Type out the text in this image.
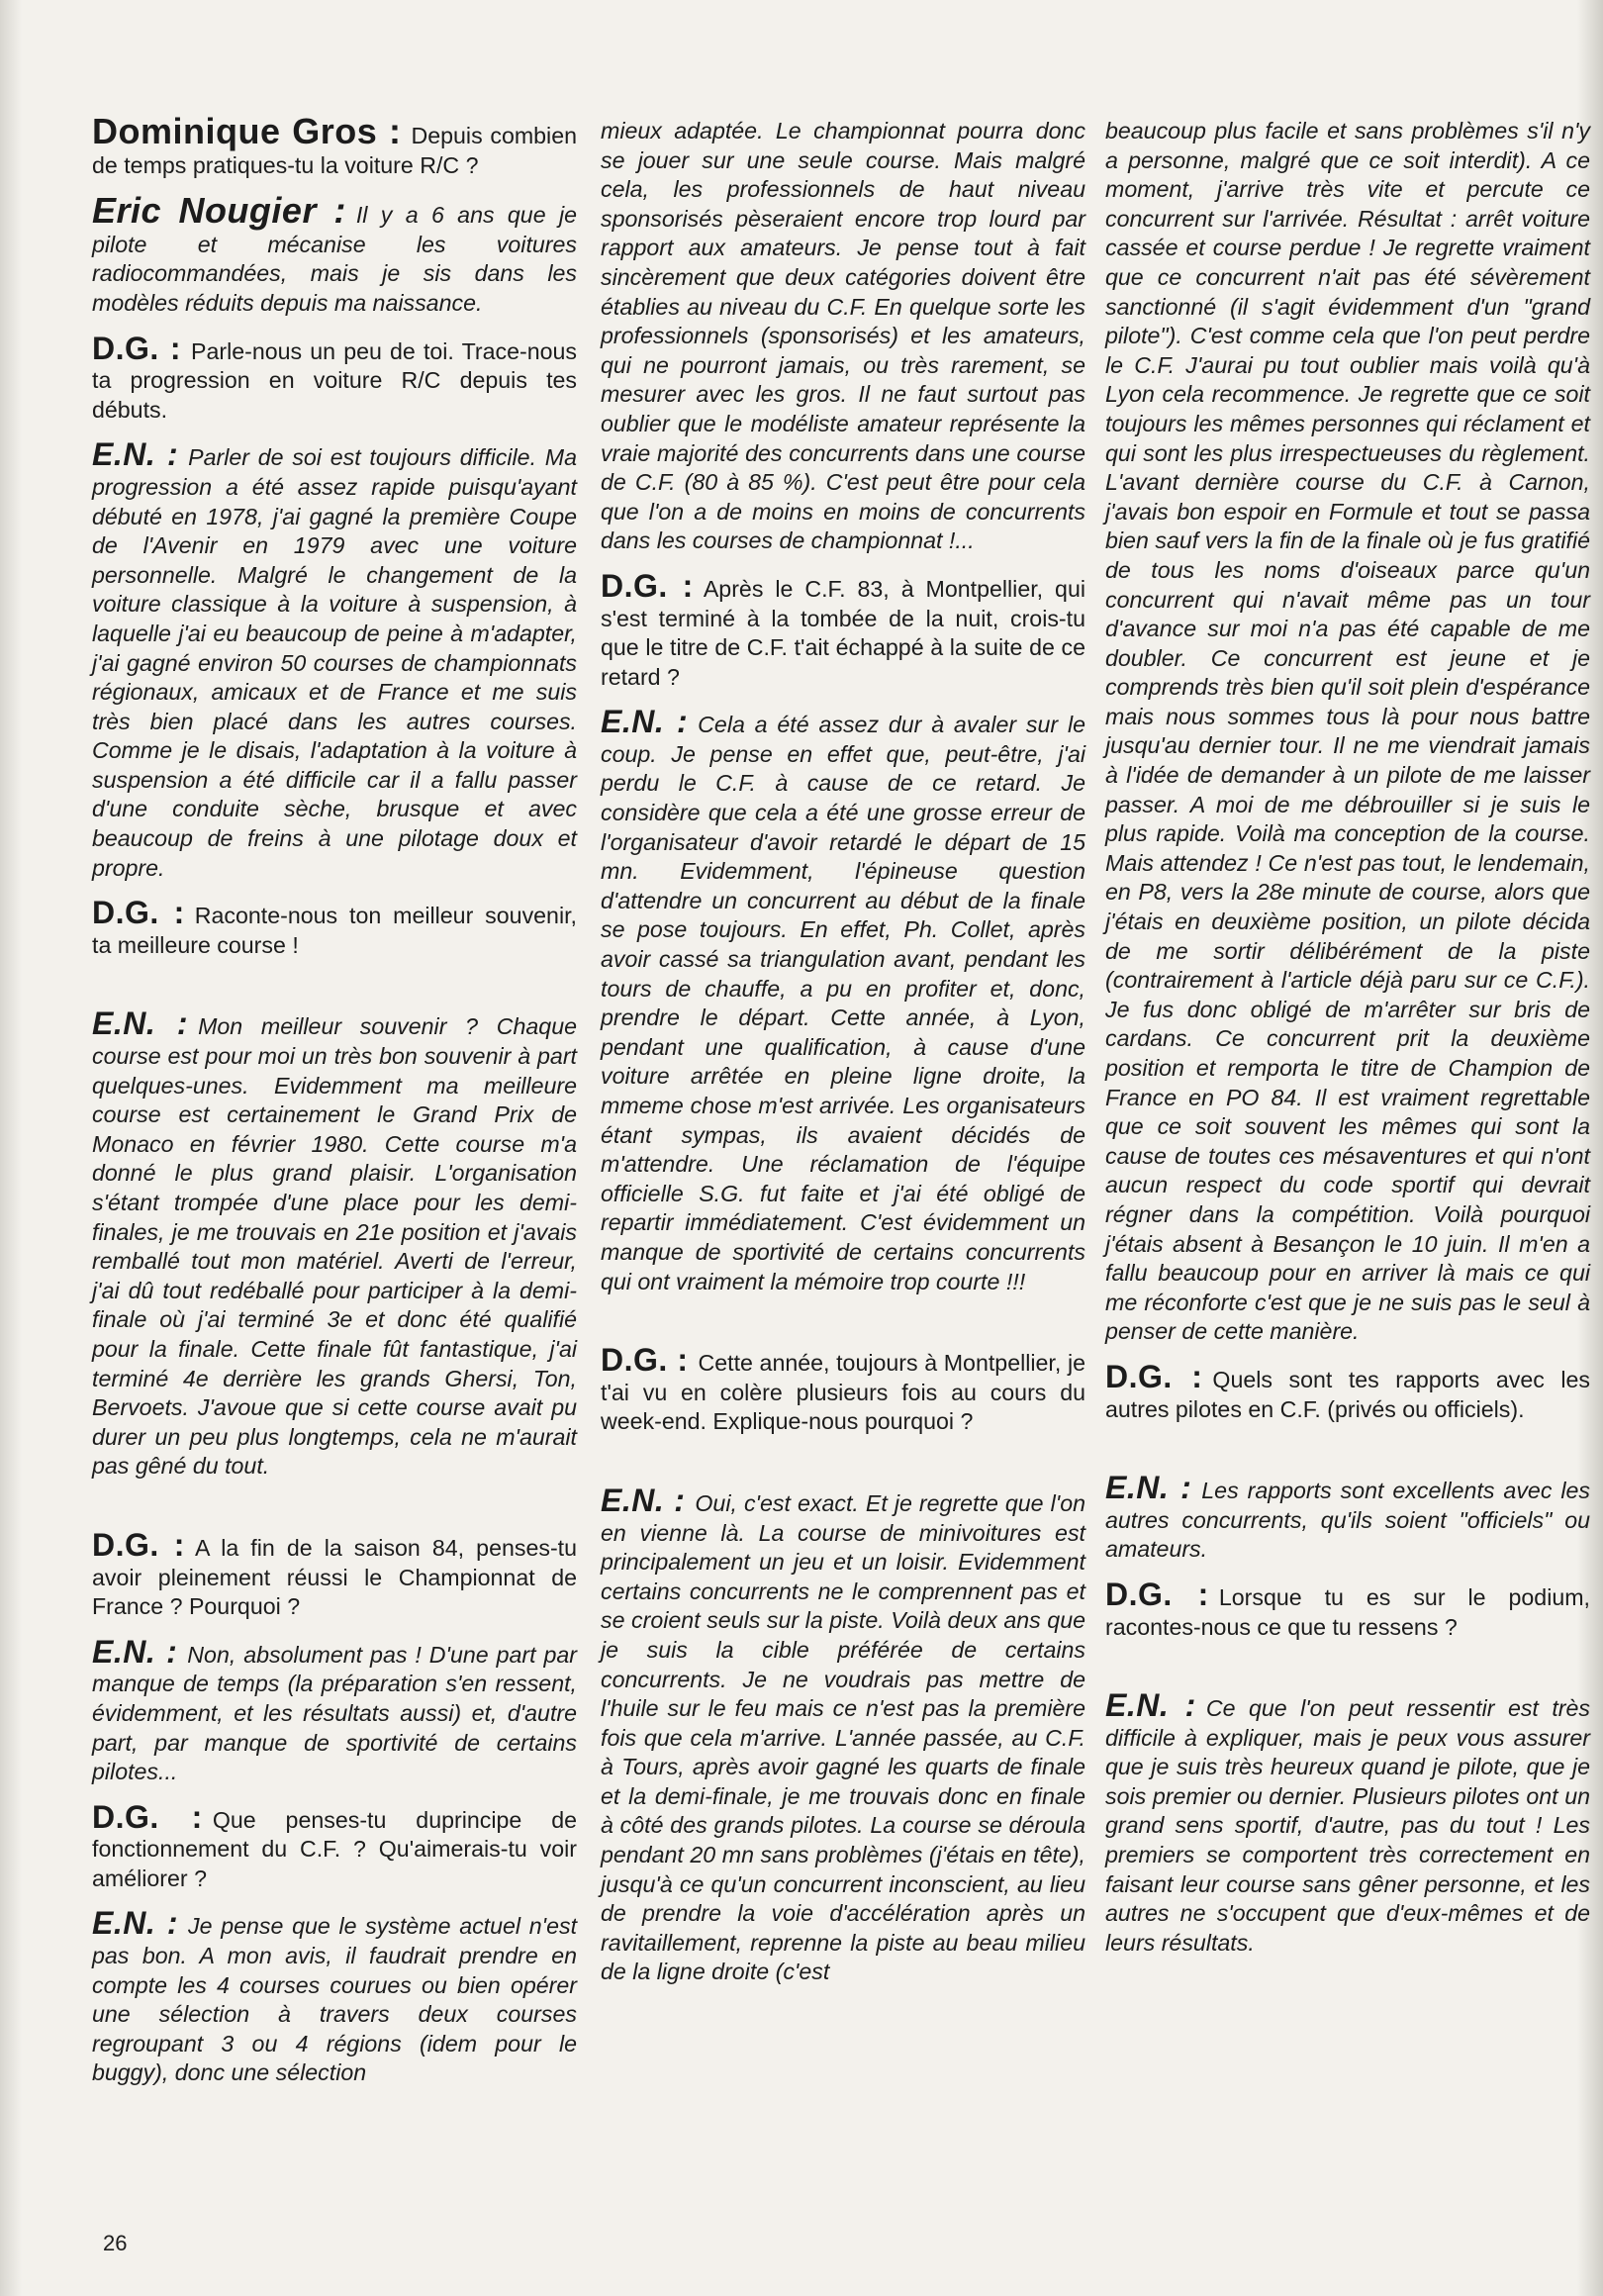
Dominique Gros : Depuis combien de temps pratiques-tu la voiture R/C ?

Eric Nougier : Il y a 6 ans que je pilote et mécanise les voitures radiocommandées, mais je sis dans les modèles réduits depuis ma naissance.

D.G. : Parle-nous un peu de toi. Trace-nous ta progression en voiture R/C depuis tes débuts.

E.N. : Parler de soi est toujours difficile. Ma progression a été assez rapide puisqu'ayant débuté en 1978, j'ai gagné la première Coupe de l'Avenir en 1979 avec une voiture personnelle. Malgré le changement de la voiture classique à la voiture à suspension, à laquelle j'ai eu beaucoup de peine à m'adapter, j'ai gagné environ 50 courses de championnats régionaux, amicaux et de France et me suis très bien placé dans les autres courses. Comme je le disais, l'adaptation à la voiture à suspension a été difficile car il a fallu passer d'une conduite sèche, brusque et avec beaucoup de freins à une pilotage doux et propre.

D.G. : Raconte-nous ton meilleur souvenir, ta meilleure course !

E.N. : Mon meilleur souvenir ? Chaque course est pour moi un très bon souvenir à part quelques-unes. Evidemment ma meilleure course est certainement le Grand Prix de Monaco en février 1980. Cette course m'a donné le plus grand plaisir. L'organisation s'étant trompée d'une place pour les demi-finales, je me trouvais en 21e position et j'avais remballé tout mon matériel. Averti de l'erreur, j'ai dû tout redéballé pour participer à la demi-finale où j'ai terminé 3e et donc été qualifié pour la finale. Cette finale fût fantastique, j'ai terminé 4e derrière les grands Ghersi, Ton, Bervoets. J'avoue que si cette course avait pu durer un peu plus longtemps, cela ne m'aurait pas gêné du tout.

D.G. : A la fin de la saison 84, penses-tu avoir pleinement réussi le Championnat de France ? Pourquoi ?

E.N. : Non, absolument pas ! D'une part par manque de temps (la préparation s'en ressent, évidemment, et les résultats aussi) et, d'autre part, par manque de sportivité de certains pilotes...

D.G. : Que penses-tu duprincipe de fonctionnement du C.F. ? Qu'aimerais-tu voir améliorer ?

E.N. : Je pense que le système actuel n'est pas bon. A mon avis, il faudrait prendre en compte les 4 courses courues ou bien opérer une sélection à travers deux courses regroupant 3 ou 4 régions (idem pour le buggy), donc une sélection

mieux adaptée. Le championnat pourra donc se jouer sur une seule course. Mais malgré cela, les professionnels de haut niveau sponsorisés pèseraient encore trop lourd par rapport aux amateurs. Je pense tout à fait sincèrement que deux catégories doivent être établies au niveau du C.F. En quelque sorte les professionnels (sponsorisés) et les amateurs, qui ne pourront jamais, ou très rarement, se mesurer avec les gros. Il ne faut surtout pas oublier que le modéliste amateur représente la vraie majorité des concurrents dans une course de C.F. (80 à 85 %). C'est peut être pour cela que l'on a de moins en moins de concurrents dans les courses de championnat !...

D.G. : Après le C.F. 83, à Montpellier, qui s'est terminé à la tombée de la nuit, crois-tu que le titre de C.F. t'ait échappé à la suite de ce retard ?

E.N. : Cela a été assez dur à avaler sur le coup. Je pense en effet que, peut-être, j'ai perdu le C.F. à cause de ce retard. Je considère que cela a été une grosse erreur de l'organisateur d'avoir retardé le départ de 15 mn. Evidemment, l'épineuse question d'attendre un concurrent au début de la finale se pose toujours. En effet, Ph. Collet, après avoir cassé sa triangulation avant, pendant les tours de chauffe, a pu en profiter et, donc, prendre le départ. Cette année, à Lyon, pendant une qualification, à cause d'une voiture arrêtée en pleine ligne droite, la mmeme chose m'est arrivée. Les organisateurs étant sympas, ils avaient décidés de m'attendre. Une réclamation de l'équipe officielle S.G. fut faite et j'ai été obligé de repartir immédiatement. C'est évidemment un manque de sportivité de certains concurrents qui ont vraiment la mémoire trop courte !!!

D.G. : Cette année, toujours à Montpellier, je t'ai vu en colère plusieurs fois au cours du week-end. Explique-nous pourquoi ?

E.N. : Oui, c'est exact. Et je regrette que l'on en vienne là. La course de minivoitures est principalement un jeu et un loisir. Evidemment certains concurrents ne le comprennent pas et se croient seuls sur la piste. Voilà deux ans que je suis la cible préférée de certains concurrents. Je ne voudrais pas mettre de l'huile sur le feu mais ce n'est pas la première fois que cela m'arrive. L'année passée, au C.F. à Tours, après avoir gagné les quarts de finale et la demi-finale, je me trouvais donc en finale à côté des grands pilotes. La course se déroula pendant 20 mn sans problèmes (j'étais en tête), jusqu'à ce qu'un concurrent inconscient, au lieu de prendre la voie d'accélération après un ravitaillement, reprenne la piste au beau milieu de la ligne droite (c'est

beaucoup plus facile et sans problèmes s'il n'y a personne, malgré que ce soit interdit). A ce moment, j'arrive très vite et percute ce concurrent sur l'arrivée. Résultat : arrêt voiture cassée et course perdue ! Je regrette vraiment que ce concurrent n'ait pas été sévèrement sanctionné (il s'agit évidemment d'un "grand pilote"). C'est comme cela que l'on peut perdre le C.F. J'aurai pu tout oublier mais voilà qu'à Lyon cela recommence. Je regrette que ce soit toujours les mêmes personnes qui réclament et qui sont les plus irrespectueuses du règlement. L'avant dernière course du C.F. à Carnon, j'avais bon espoir en Formule et tout se passa bien sauf vers la fin de la finale où je fus gratifié de tous les noms d'oiseaux parce qu'un concurrent qui n'avait même pas un tour d'avance sur moi n'a pas été capable de me doubler. Ce concurrent est jeune et je comprends très bien qu'il soit plein d'espérance mais nous sommes tous là pour nous battre jusqu'au dernier tour. Il ne me viendrait jamais à l'idée de demander à un pilote de me laisser passer. A moi de me débrouiller si je suis le plus rapide. Voilà ma conception de la course. Mais attendez ! Ce n'est pas tout, le lendemain, en P8, vers la 28e minute de course, alors que j'étais en deuxième position, un pilote décida de me sortir délibérément de la piste (contrairement à l'article déjà paru sur ce C.F.). Je fus donc obligé de m'arrêter sur bris de cardans. Ce concurrent prit la deuxième position et remporta le titre de Champion de France en PO 84. Il est vraiment regrettable que ce soit souvent les mêmes qui sont la cause de toutes ces mésaventures et qui n'ont aucun respect du code sportif qui devrait régner dans la compétition. Voilà pourquoi j'étais absent à Besançon le 10 juin. Il m'en a fallu beaucoup pour en arriver là mais ce qui me réconforte c'est que je ne suis pas le seul à penser de cette manière.

D.G. : Quels sont tes rapports avec les autres pilotes en C.F. (privés ou officiels).

E.N. : Les rapports sont excellents avec les autres concurrents, qu'ils soient "officiels" ou amateurs.

D.G. : Lorsque tu es sur le podium, racontes-nous ce que tu ressens ?

E.N. : Ce que l'on peut ressentir est très difficile à expliquer, mais je peux vous assurer que je suis très heureux quand je pilote, que je sois premier ou dernier. Plusieurs pilotes ont un grand sens sportif, d'autre, pas du tout ! Les premiers se comportent très correctement en faisant leur course sans gêner personne, et les autres ne s'occupent que d'eux-mêmes et de leurs résultats.

26
